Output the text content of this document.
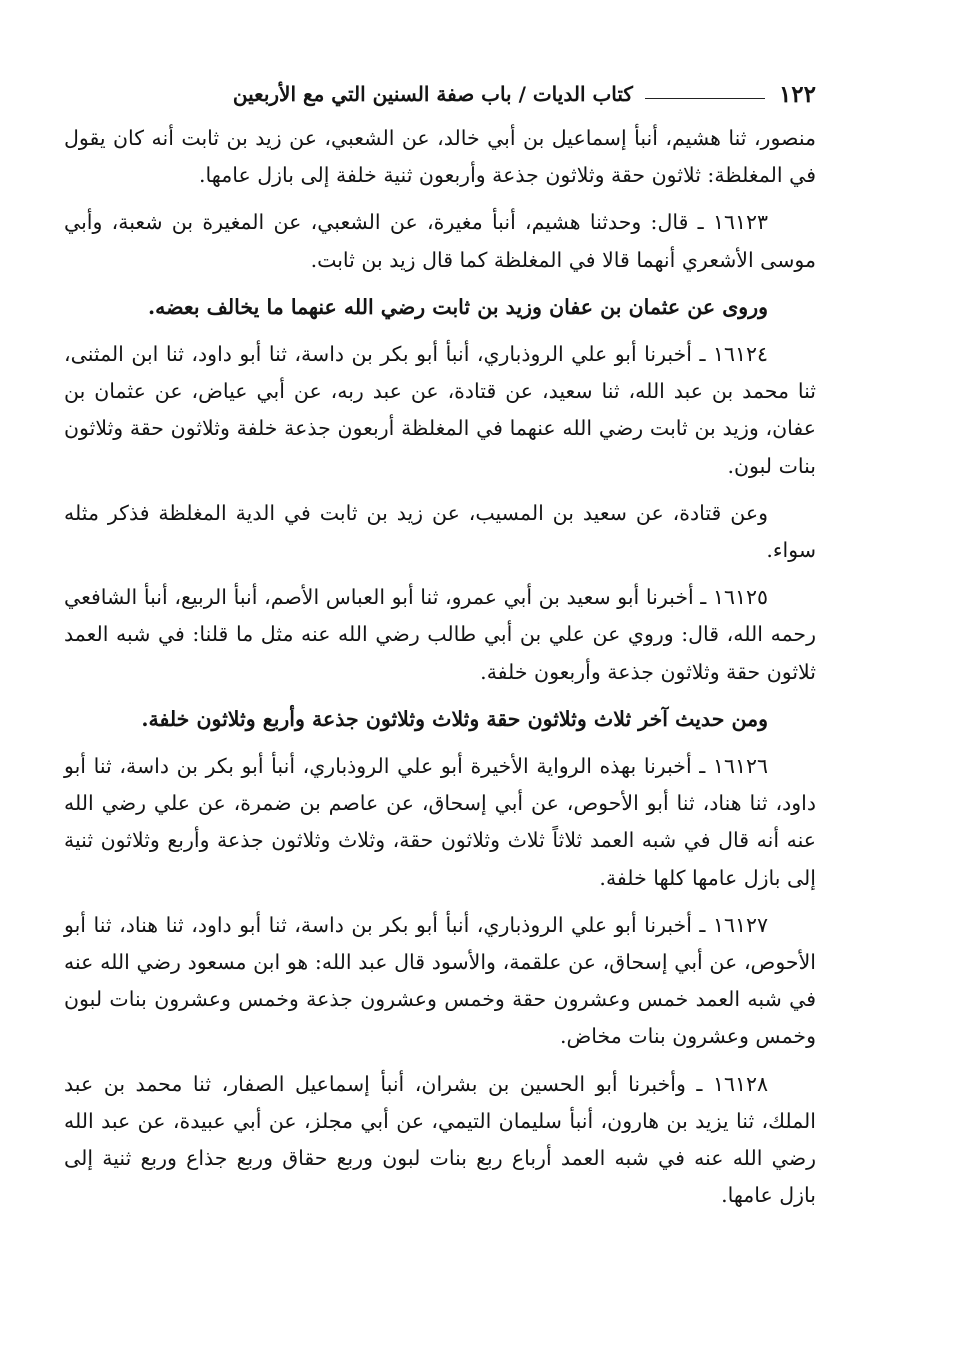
١٢٢
كتاب الديات / باب صفة السنين التي مع الأربعين

منصور، ثنا هشيم، أنبأ إسماعيل بن أبي خالد، عن الشعبي، عن زيد بن ثابت أنه كان يقول في المغلظة: ثلاثون حقة وثلاثون جذعة وأربعون ثنية خلفة إلى بازل عامها.

١٦١٢٣ ـ قال: وحدثنا هشيم، أنبأ مغيرة، عن الشعبي، عن المغيرة بن شعبة، وأبي موسى الأشعري أنهما قالا في المغلظة كما قال زيد بن ثابت.

وروى عن عثمان بن عفان وزيد بن ثابت رضي الله عنهما ما يخالف بعضه.

١٦١٢٤ ـ أخبرنا أبو علي الروذباري، أنبأ أبو بكر بن داسة، ثنا أبو داود، ثنا ابن المثنى، ثنا محمد بن عبد الله، ثنا سعيد، عن قتادة، عن عبد ربه، عن أبي عياض، عن عثمان بن عفان، وزيد بن ثابت رضي الله عنهما في المغلظة أربعون جذعة خلفة وثلاثون حقة وثلاثون بنات لبون.

وعن قتادة، عن سعيد بن المسيب، عن زيد بن ثابت في الدية المغلظة فذكر مثله سواء.

١٦١٢٥ ـ أخبرنا أبو سعيد بن أبي عمرو، ثنا أبو العباس الأصم، أنبأ الربيع، أنبأ الشافعي رحمه الله، قال: وروي عن علي بن أبي طالب رضي الله عنه مثل ما قلنا: في شبه العمد ثلاثون حقة وثلاثون جذعة وأربعون خلفة.

ومن حديث آخر ثلاث وثلاثون حقة وثلاث وثلاثون جذعة وأربع وثلاثون خلفة.

١٦١٢٦ ـ أخبرنا بهذه الرواية الأخيرة أبو علي الروذباري، أنبأ أبو بكر بن داسة، ثنا أبو داود، ثنا هناد، ثنا أبو الأحوص، عن أبي إسحاق، عن عاصم بن ضمرة، عن علي رضي الله عنه أنه قال في شبه العمد ثلاثاً ثلاث وثلاثون حقة، وثلاث وثلاثون جذعة وأربع وثلاثون ثنية إلى بازل عامها كلها خلفة.

١٦١٢٧ ـ أخبرنا أبو علي الروذباري، أنبأ أبو بكر بن داسة، ثنا أبو داود، ثنا هناد، ثنا أبو الأحوص، عن أبي إسحاق، عن علقمة، والأسود قال عبد الله: هو ابن مسعود رضي الله عنه في شبه العمد خمس وعشرون حقة وخمس وعشرون جذعة وخمس وعشرون بنات لبون وخمس وعشرون بنات مخاض.

١٦١٢٨ ـ وأخبرنا أبو الحسين بن بشران، أنبأ إسماعيل الصفار، ثنا محمد بن عبد الملك، ثنا يزيد بن هارون، أنبأ سليمان التيمي، عن أبي مجلز، عن أبي عبيدة، عن عبد الله رضي الله عنه في شبه العمد أرباع ربع بنات لبون وربع حقاق وربع جذاع وربع ثنية إلى بازل عامها.
